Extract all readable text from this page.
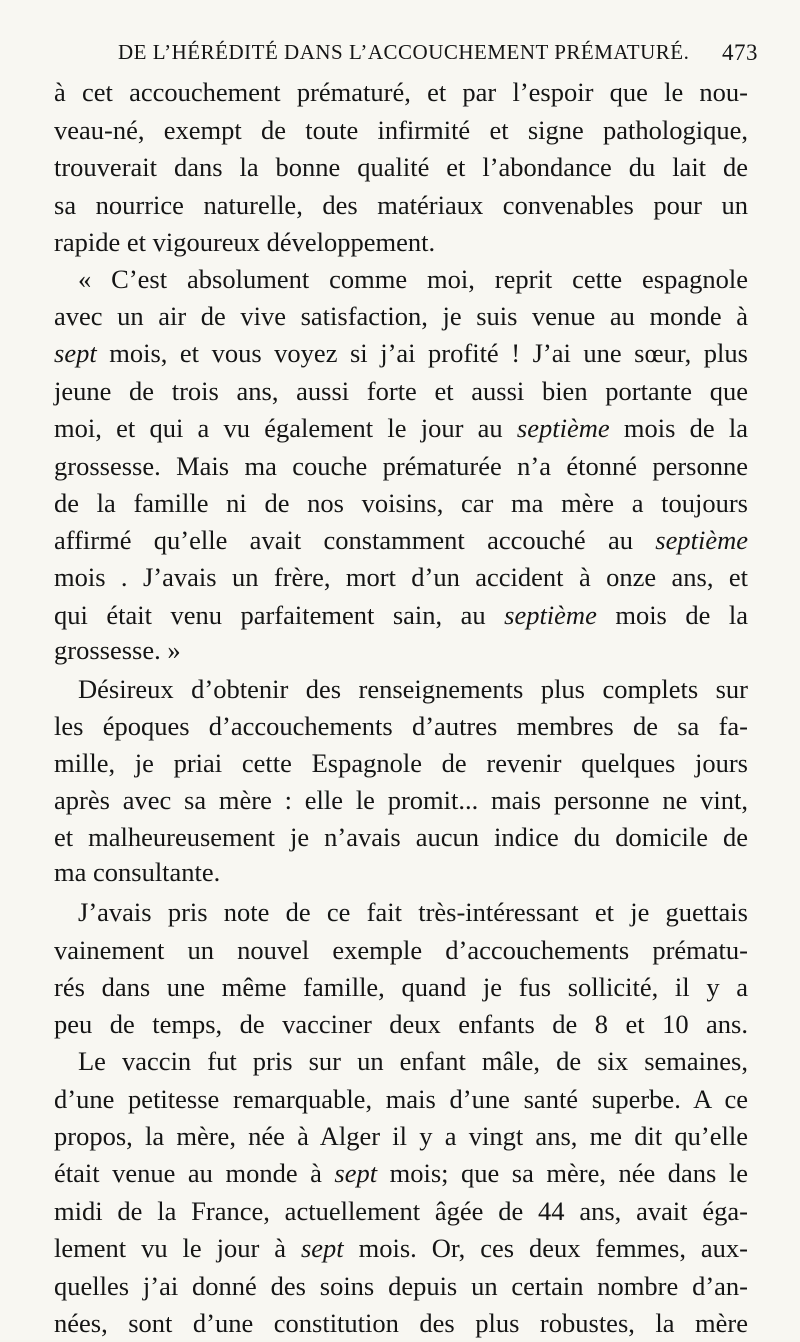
DE L’HÉRÉDITÉ DANS L’ACCOUCHEMENT PRÉMATURÉ. 473
à cet accouchement prématuré, et par l’espoir que le nou-
veau-né, exempt de toute infirmité et signe pathologique,
trouverait dans la bonne qualité et l’abondance du lait de
sa nourrice naturelle, des matériaux convenables pour un
rapide et vigoureux développement.
« C’est absolument comme moi, reprit cette espagnole
avec un air de vive satisfaction, je suis venue au monde à
sept mois, et vous voyez si j’ai profité ! J’ai une sœur, plus
jeune de trois ans, aussi forte et aussi bien portante que
moi, et qui a vu également le jour au septième mois de la
grossesse. Mais ma couche prématurée n’a étonné personne
de la famille ni de nos voisins, car ma mère a toujours
affirmé qu’elle avait constamment accouché au septième
mois . J’avais un frère, mort d’un accident à onze ans, et
qui était venu parfaitement sain, au septième mois de la
grossesse. »
Désireux d’obtenir des renseignements plus complets sur
les époques d’accouchements d’autres membres de sa fa-
mille, je priai cette Espagnole de revenir quelques jours
après avec sa mère : elle le promit... mais personne ne vint,
et malheureusement je n’avais aucun indice du domicile de
ma consultante.
J’avais pris note de ce fait très-intéressant et je guettais
vainement un nouvel exemple d’accouchements prématu-
rés dans une même famille, quand je fus sollicité, il y a
peu de temps, de vacciner deux enfants de 8 et 10 ans.
Le vaccin fut pris sur un enfant mâle, de six semaines,
d’une petitesse remarquable, mais d’une santé superbe. A ce
propos, la mère, née à Alger il y a vingt ans, me dit qu’elle
était venue au monde à sept mois; que sa mère, née dans le
midi de la France, actuellement âgée de 44 ans, avait éga-
lement vu le jour à sept mois. Or, ces deux femmes, aux-
quelles j’ai donné des soins depuis un certain nombre d’an-
nées, sont d’une constitution des plus robustes, la mère
